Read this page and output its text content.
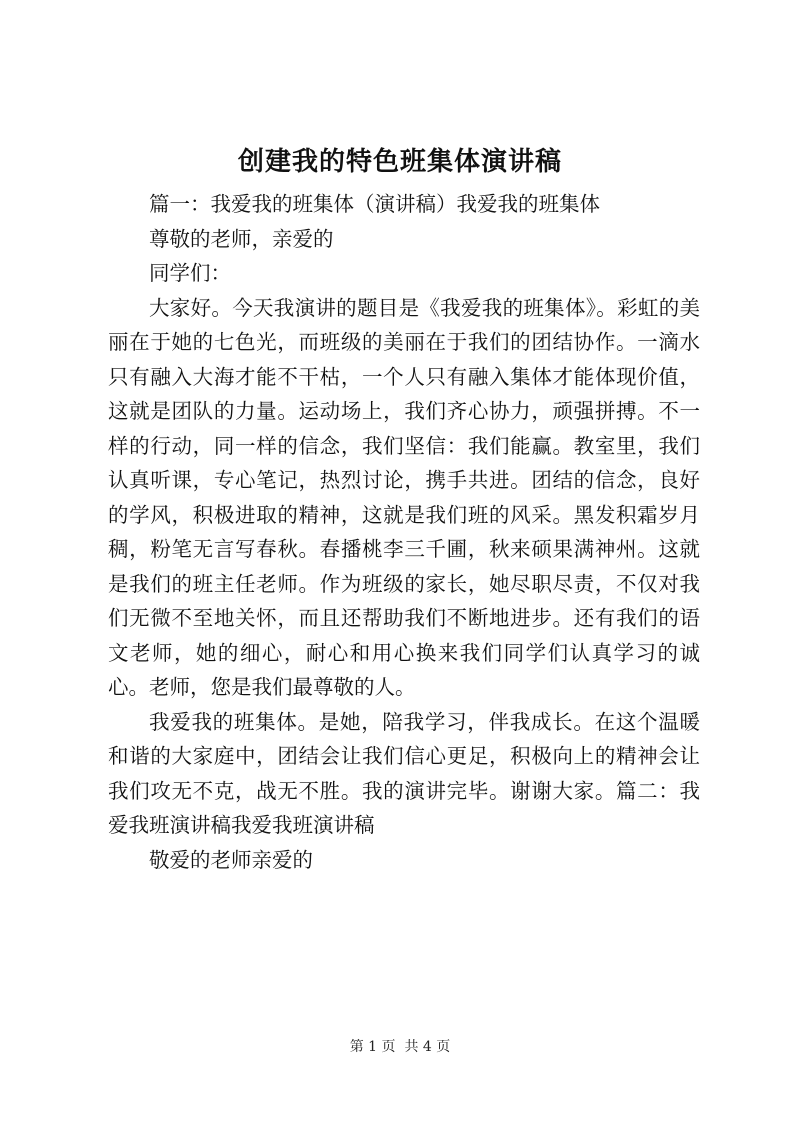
创建我的特色班集体演讲稿

篇一：我爱我的班集体（演讲稿）我爱我的班集体

尊敬的老师，亲爱的

同学们：

大家好。今天我演讲的题目是《我爱我的班集体》。彩虹的美丽在于她的七色光，而班级的美丽在于我们的团结协作。一滴水只有融入大海才能不干枯，一个人只有融入集体才能体现价值，这就是团队的力量。运动场上，我们齐心协力，顽强拼搏。不一样的行动，同一样的信念，我们坚信：我们能赢。教室里，我们认真听课，专心笔记，热烈讨论，携手共进。团结的信念，良好的学风，积极进取的精神，这就是我们班的风采。黑发积霜岁月稠，粉笔无言写春秋。春播桃李三千圃，秋来硕果满神州。这就是我们的班主任老师。作为班级的家长，她尽职尽责，不仅对我们无微不至地关怀，而且还帮助我们不断地进步。还有我们的语文老师，她的细心，耐心和用心换来我们同学们认真学习的诚心。老师，您是我们最尊敬的人。

我爱我的班集体。是她，陪我学习，伴我成长。在这个温暖和谐的大家庭中，团结会让我们信心更足，积极向上的精神会让我们攻无不克，战无不胜。我的演讲完毕。谢谢大家。篇二：我爱我班演讲稿我爱我班演讲稿

敬爱的老师亲爱的

第 1 页 共 4 页
